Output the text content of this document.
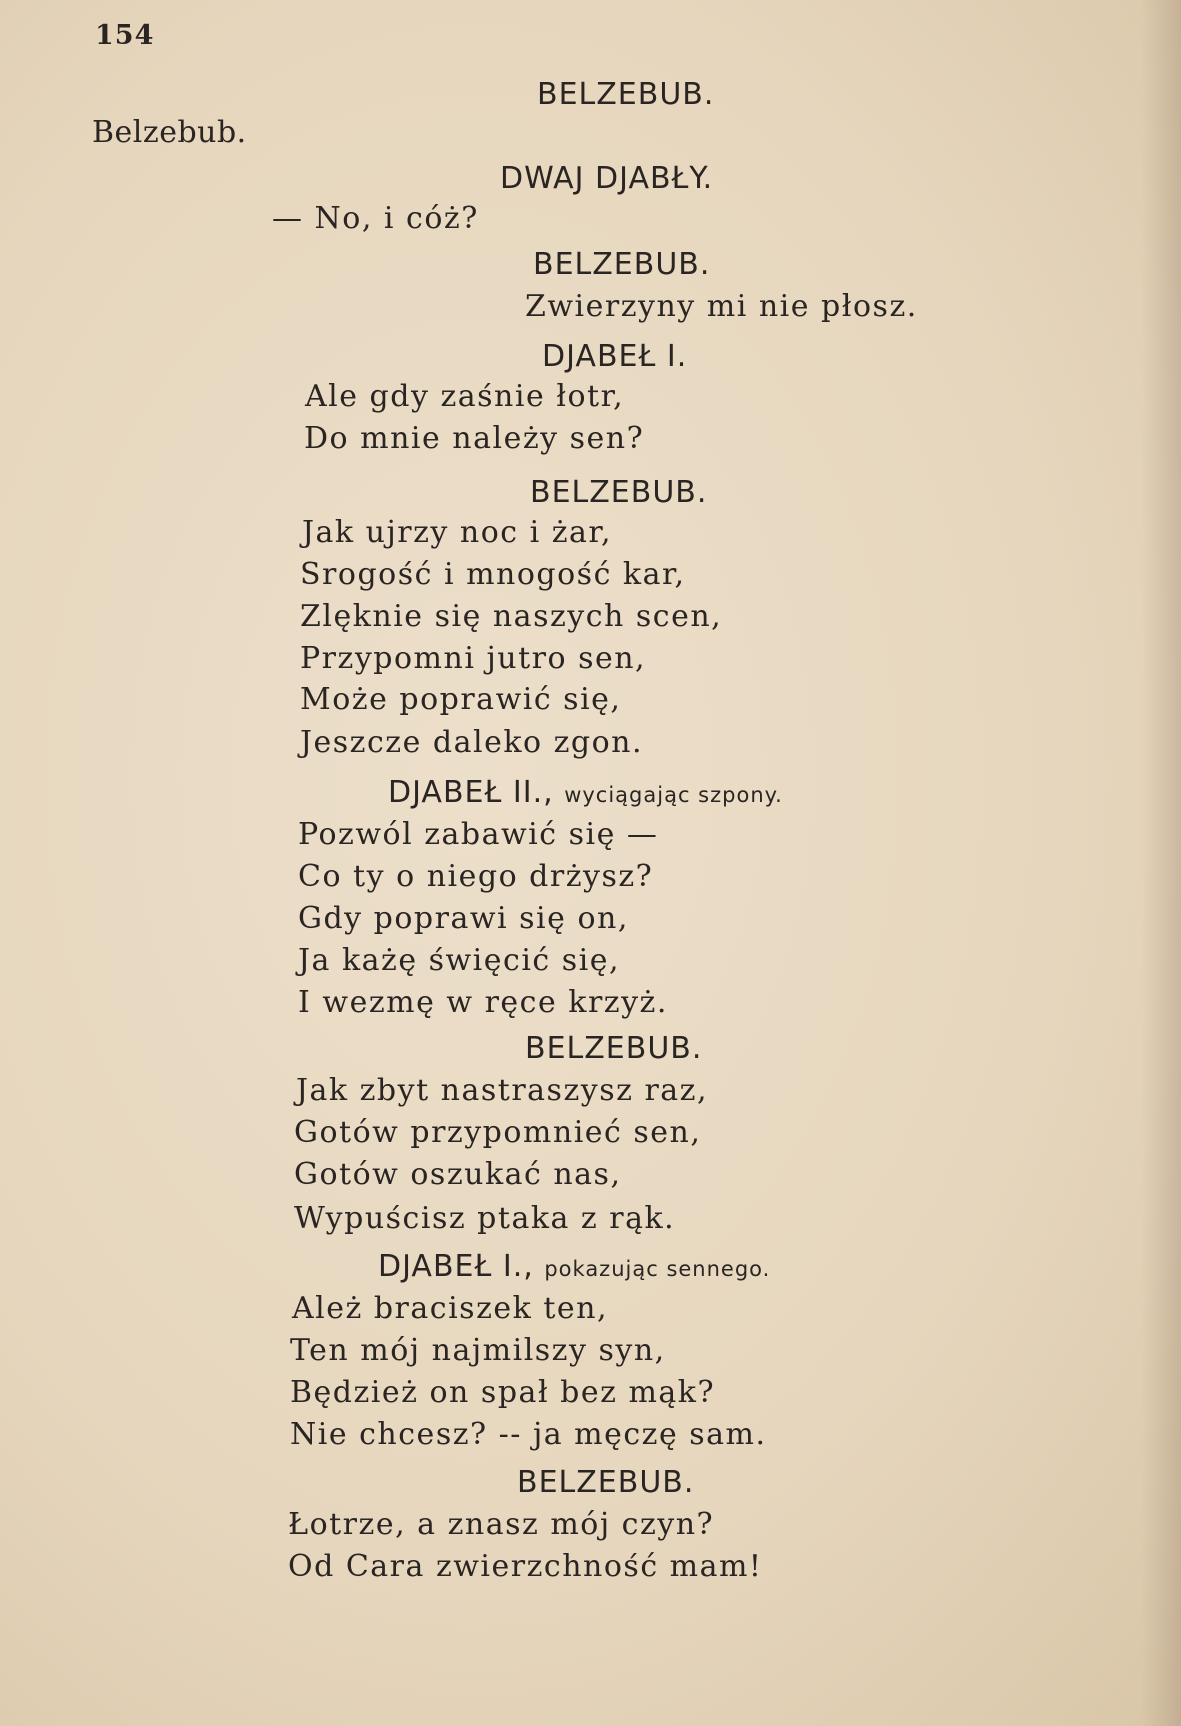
154
Belzebub.
BELZEBUB.
DWAJ DJABŁY.
— No, i cóż?
BELZEBUB.
Zwierzyny mi nie płosz.
DJABEŁ I.
Ale gdy zaśnie łotr,
Do mnie należy sen?
BELZEBUB.
Jak ujrzy noc i żar,
Srogość i mnogość kar,
Zlęknie się naszych scen,
Przypomni jutro sen,
Może poprawić się,
Jeszcze daleko zgon.
DJABEŁ II., wyciągając szpony.
Pozwól zabawić się —
Co ty o niego drżysz?
Gdy poprawi się on,
Ja każę święcić się,
I wezmę w ręce krzyż.
BELZEBUB.
Jak zbyt nastraszysz raz,
Gotów przypomnieć sen,
Gotów oszukać nas,
Wypuścisz ptaka z rąk.
DJABEŁ I., pokazując sennego.
Ależ braciszek ten,
Ten mój najmilszy syn,
Będzież on spał bez mąk?
Nie chcesz? -- ja męczę sam.
BELZEBUB.
Łotrze, a znasz mój czyn?
Od Cara zwierzchność mam!
